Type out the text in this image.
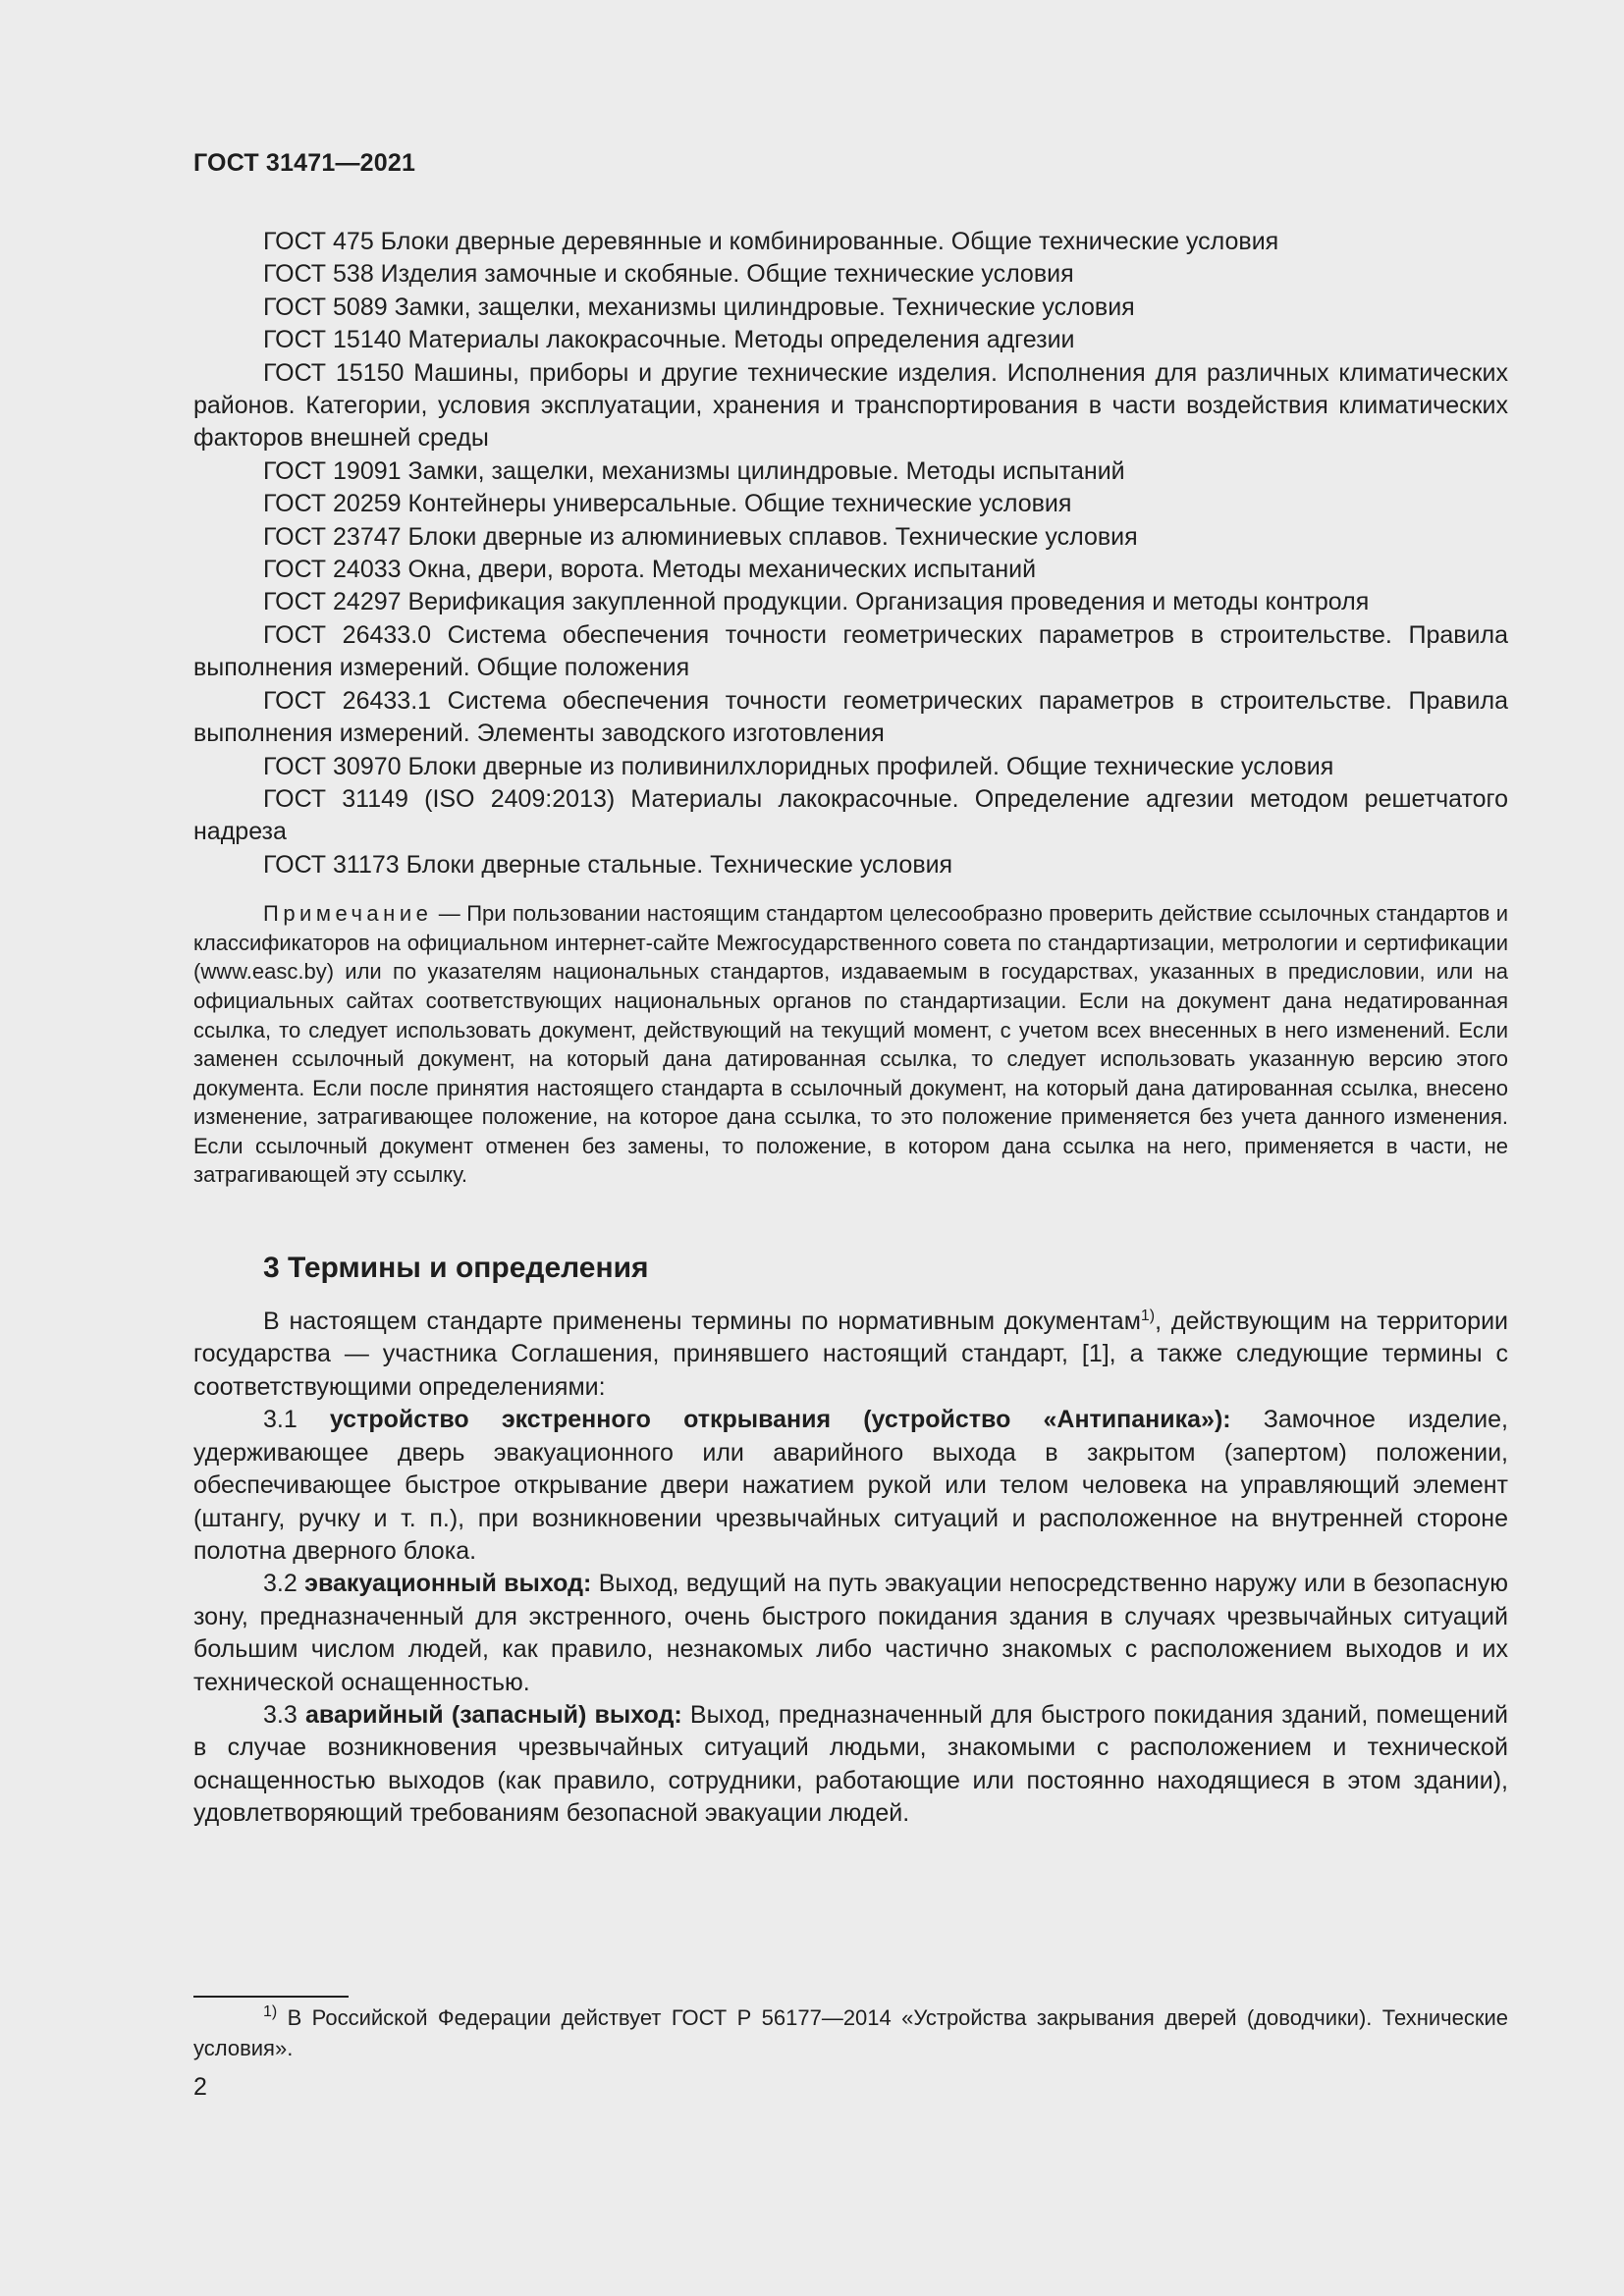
ГОСТ 31471—2021

ГОСТ 475 Блоки дверные деревянные и комбинированные. Общие технические условия

ГОСТ 538 Изделия замочные и скобяные. Общие технические условия

ГОСТ 5089 Замки, защелки, механизмы цилиндровые. Технические условия

ГОСТ 15140 Материалы лакокрасочные. Методы определения адгезии

ГОСТ 15150 Машины, приборы и другие технические изделия. Исполнения для различных климатических районов. Категории, условия эксплуатации, хранения и транспортирования в части воздействия климатических факторов внешней среды

ГОСТ 19091 Замки, защелки, механизмы цилиндровые. Методы испытаний

ГОСТ 20259 Контейнеры универсальные. Общие технические условия

ГОСТ 23747 Блоки дверные из алюминиевых сплавов. Технические условия

ГОСТ 24033 Окна, двери, ворота. Методы механических испытаний

ГОСТ 24297 Верификация закупленной продукции. Организация проведения и методы контроля

ГОСТ 26433.0 Система обеспечения точности геометрических параметров в строительстве. Правила выполнения измерений. Общие положения

ГОСТ 26433.1 Система обеспечения точности геометрических параметров в строительстве. Правила выполнения измерений. Элементы заводского изготовления

ГОСТ 30970 Блоки дверные из поливинилхлоридных профилей. Общие технические условия

ГОСТ 31149 (ISO 2409:2013) Материалы лакокрасочные. Определение адгезии методом решетчатого надреза

ГОСТ 31173 Блоки дверные стальные. Технические условия

Примечание — При пользовании настоящим стандартом целесообразно проверить действие ссылочных стандартов и классификаторов на официальном интернет-сайте Межгосударственного совета по стандартизации, метрологии и сертификации (www.easc.by) или по указателям национальных стандартов, издаваемым в государствах, указанных в предисловии, или на официальных сайтах соответствующих национальных органов по стандартизации. Если на документ дана недатированная ссылка, то следует использовать документ, действующий на текущий момент, с учетом всех внесенных в него изменений. Если заменен ссылочный документ, на который дана датированная ссылка, то следует использовать указанную версию этого документа. Если после принятия настоящего стандарта в ссылочный документ, на который дана датированная ссылка, внесено изменение, затрагивающее положение, на которое дана ссылка, то это положение применяется без учета данного изменения. Если ссылочный документ отменен без замены, то положение, в котором дана ссылка на него, применяется в части, не затрагивающей эту ссылку.

3 Термины и определения

В настоящем стандарте применены термины по нормативным документам$^{1)}$, действующим на территории государства — участника Соглашения, принявшего настоящий стандарт, [1], а также следующие термины с соответствующими определениями:

3.1 устройство экстренного открывания (устройство «Антипаника»): Замочное изделие, удерживающее дверь эвакуационного или аварийного выхода в закрытом (запертом) положении, обеспечивающее быстрое открывание двери нажатием рукой или телом человека на управляющий элемент (штангу, ручку и т. п.), при возникновении чрезвычайных ситуаций и расположенное на внутренней стороне полотна дверного блока.

3.2 эвакуационный выход: Выход, ведущий на путь эвакуации непосредственно наружу или в безопасную зону, предназначенный для экстренного, очень быстрого покидания здания в случаях чрезвычайных ситуаций большим числом людей, как правило, незнакомых либо частично знакомых с расположением выходов и их технической оснащенностью.

3.3 аварийный (запасный) выход: Выход, предназначенный для быстрого покидания зданий, помещений в случае возникновения чрезвычайных ситуаций людьми, знакомыми с расположением и технической оснащенностью выходов (как правило, сотрудники, работающие или постоянно находящиеся в этом здании), удовлетворяющий требованиям безопасной эвакуации людей.

$^{1)}$ В Российской Федерации действует ГОСТ Р 56177—2014 «Устройства закрывания дверей (доводчики). Технические условия».

2
